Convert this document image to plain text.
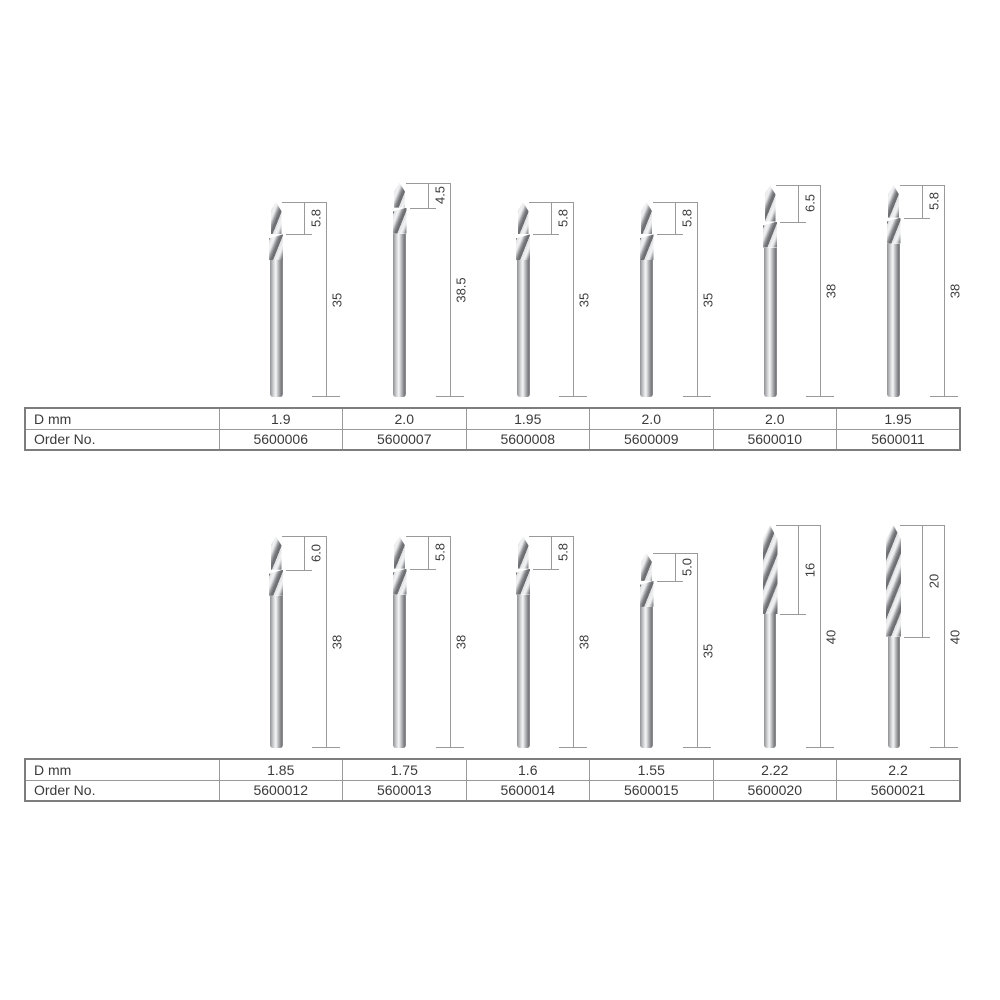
5.8
35
4.5
38.5
5.8
35
5.8
35
6.5
38
5.8
38
6.0
38
5.8
38
5.8
38
5.0
35
16
40
20
40
D mm	1.9	2.0	1.95	2.0	2.0	1.95
Order No.	5600006	5600007	5600008	5600009	5600010	5600011
D mm	1.85	1.75	1.6	1.55	2.22	2.2
Order No.	5600012	5600013	5600014	5600015	5600020	5600021
